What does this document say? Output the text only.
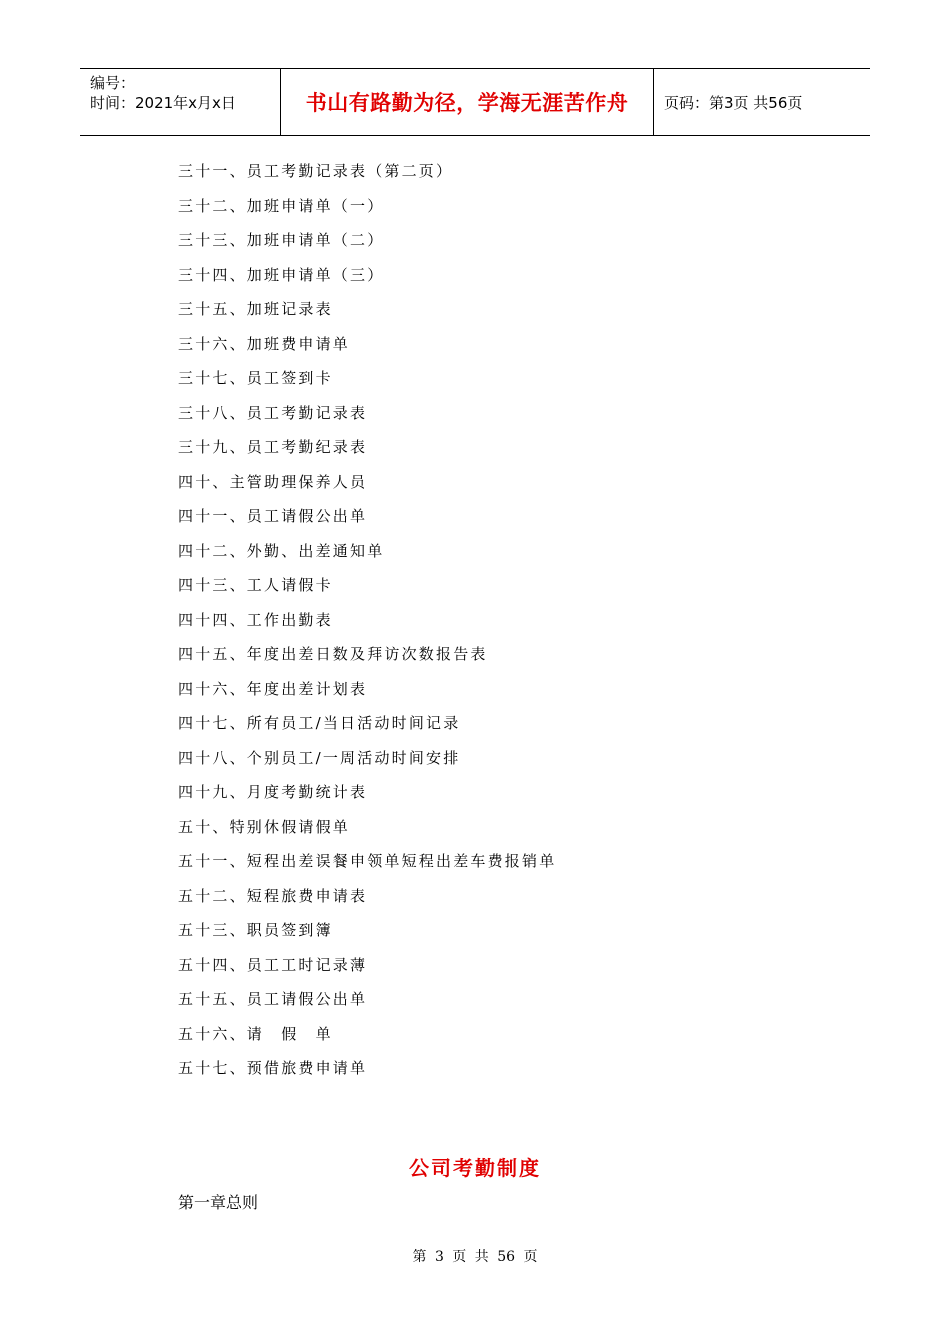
编号：
时间：2021年x月x日	书山有路勤为径，学海无涯苦作舟	页码：第3页 共56页
三十一、员工考勤记录表（第二页）
三十二、加班申请单（一）
三十三、加班申请单（二）
三十四、加班申请单（三）
三十五、加班记录表
三十六、加班费申请单
三十七、员工签到卡
三十八、员工考勤记录表
三十九、员工考勤纪录表
四十、主管助理保养人员
四十一、员工请假公出单
四十二、外勤、出差通知单
四十三、工人请假卡
四十四、工作出勤表
四十五、年度出差日数及拜访次数报告表
四十六、年度出差计划表
四十七、所有员工/当日活动时间记录
四十八、个别员工/一周活动时间安排
四十九、月度考勤统计表
五十、特别休假请假单
五十一、短程出差误餐申领单短程出差车费报销单
五十二、短程旅费申请表
五十三、职员签到簿
五十四、员工工时记录薄
五十五、员工请假公出单
五十六、请　假　单
五十七、预借旅费申请单
公司考勤制度
第一章总则
第 3 页 共 56 页
